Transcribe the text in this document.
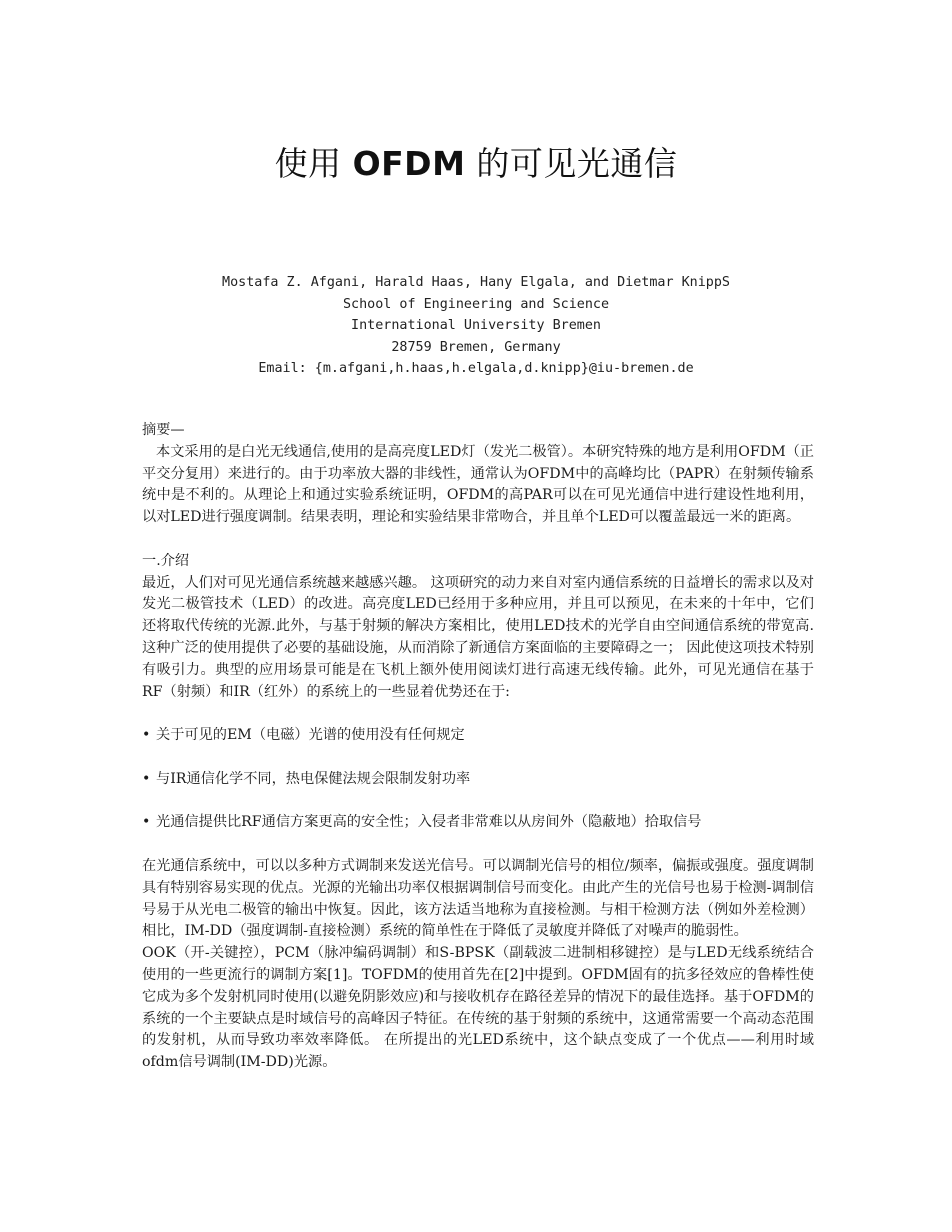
使用 OFDM 的可见光通信
Mostafa Z. Afgani, Harald Haas, Hany Elgala, and Dietmar KnippS
School of Engineering and Science
International University Bremen
28759 Bremen, Germany
Email: {m.afgani,h.haas,h.elgala,d.knipp}@iu-bremen.de

摘要—

本文采用的是白光无线通信,使用的是高亮度LED灯（发光二极管）。本研究特殊的地方是利用OFDM（正平交分复用）来进行的。由于功率放大器的非线性，通常认为OFDM中的高峰均比（PAPR）在射频传输系统中是不利的。从理论上和通过实验系统证明，OFDM的高PAR可以在可见光通信中进行建设性地利用，以对LED进行强度调制。结果表明，理论和实验结果非常吻合，并且单个LED可以覆盖最远一米的距离。

一.介绍

最近，人们对可见光通信系统越来越感兴趣。 这项研究的动力来自对室内通信系统的日益增长的需求以及对发光二极管技术（LED）的改进。高亮度LED已经用于多种应用，并且可以预见，在未来的十年中，它们还将取代传统的光源.此外，与基于射频的解决方案相比，使用LED技术的光学自由空间通信系统的带宽高. 这种广泛的使用提供了必要的基础设施，从而消除了新通信方案面临的主要障碍之一； 因此使这项技术特别有吸引力。典型的应用场景可能是在飞机上额外使用阅读灯进行高速无线传输。此外，可见光通信在基于RF（射频）和IR（红外）的系统上的一些显着优势还在于:

• 关于可见的EM（电磁）光谱的使用没有任何规定
• 与IR通信化学不同，热电保健法规会限制发射功率
• 光通信提供比RF通信方案更高的安全性；入侵者非常难以从房间外（隐蔽地）拾取信号

在光通信系统中，可以以多种方式调制来发送光信号。可以调制光信号的相位/频率，偏振或强度。强度调制具有特别容易实现的优点。光源的光输出功率仅根据调制信号而变化。由此产生的光信号也易于检测-调制信号易于从光电二极管的输出中恢复。因此，该方法适当地称为直接检测。与相干检测方法（例如外差检测）相比，IM-DD（强度调制-直接检测）系统的简单性在于降低了灵敏度并降低了对噪声的脆弱性。

OOK（开-关键控），PCM（脉冲编码调制）和S-BPSK（副载波二进制相移键控）是与LED无线系统结合使用的一些更流行的调制方案[1]。TOFDM的使用首先在[2]中提到。OFDM固有的抗多径效应的鲁棒性使它成为多个发射机同时使用(以避免阴影效应)和与接收机存在路径差异的情况下的最佳选择。基于OFDM的系统的一个主要缺点是时域信号的高峰因子特征。在传统的基于射频的系统中，这通常需要一个高动态范围的发射机，从而导致功率效率降低。 在所提出的光LED系统中，这个缺点变成了一个优点——利用时域ofdm信号调制(IM-DD)光源。
